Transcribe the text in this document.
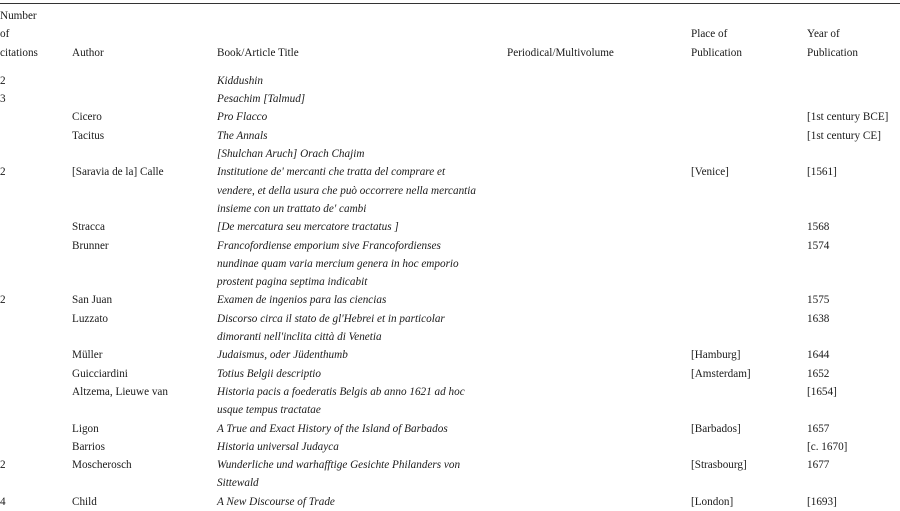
Number of citations	Author	Book/Article Title	Periodical/Multivolume	Place of Publication	Year of Publication
2		Kiddushin			

3		Pesachim [Talmud]			

	Cicero	Pro Flacco			[1st century BCE]
	Tacitus	The Annals			[1st century CE]

		[Shulchan Aruch] Orach Chajim			

2	[Saravia de la] Calle	Institutione de' mercanti che tratta del comprare et vendere, et della usura che può occorrere nella mercantia insieme con un trattato de' cambi		[Venice]	[1561]
	Stracca	[De mercatura seu mercatore tractatus ]			1568
	Brunner	Francofordiense emporium sive Francofordienses nundinae quam varia mercium genera in hoc emporio prostent pagina septima indicabit			1574
2	San Juan	Examen de ingenios para las ciencias			1575
	Luzzato	Discorso circa il stato de gl'Hebrei et in particolar dimoranti nell'inclita città di Venetia			1638
	Müller	Judaismus, oder Jüdenthumb		[Hamburg]	1644
	Guicciardini	Totius Belgii descriptio		[Amsterdam]	1652
	Altzema, Lieuwe van	Historia pacis a foederatis Belgis ab anno 1621 ad hoc usque tempus tractatae			[1654]
	Ligon	A True and Exact History of the Island of Barbados		[Barbados]	1657
	Barrios	Historia universal Judayca			[c. 1670]
2	Moscherosch	Wunderliche und warhafftige Gesichte Philanders von Sittewald		[Strasbourg]	1677
4	Child	A New Discourse of Trade		[London]	[1693]
